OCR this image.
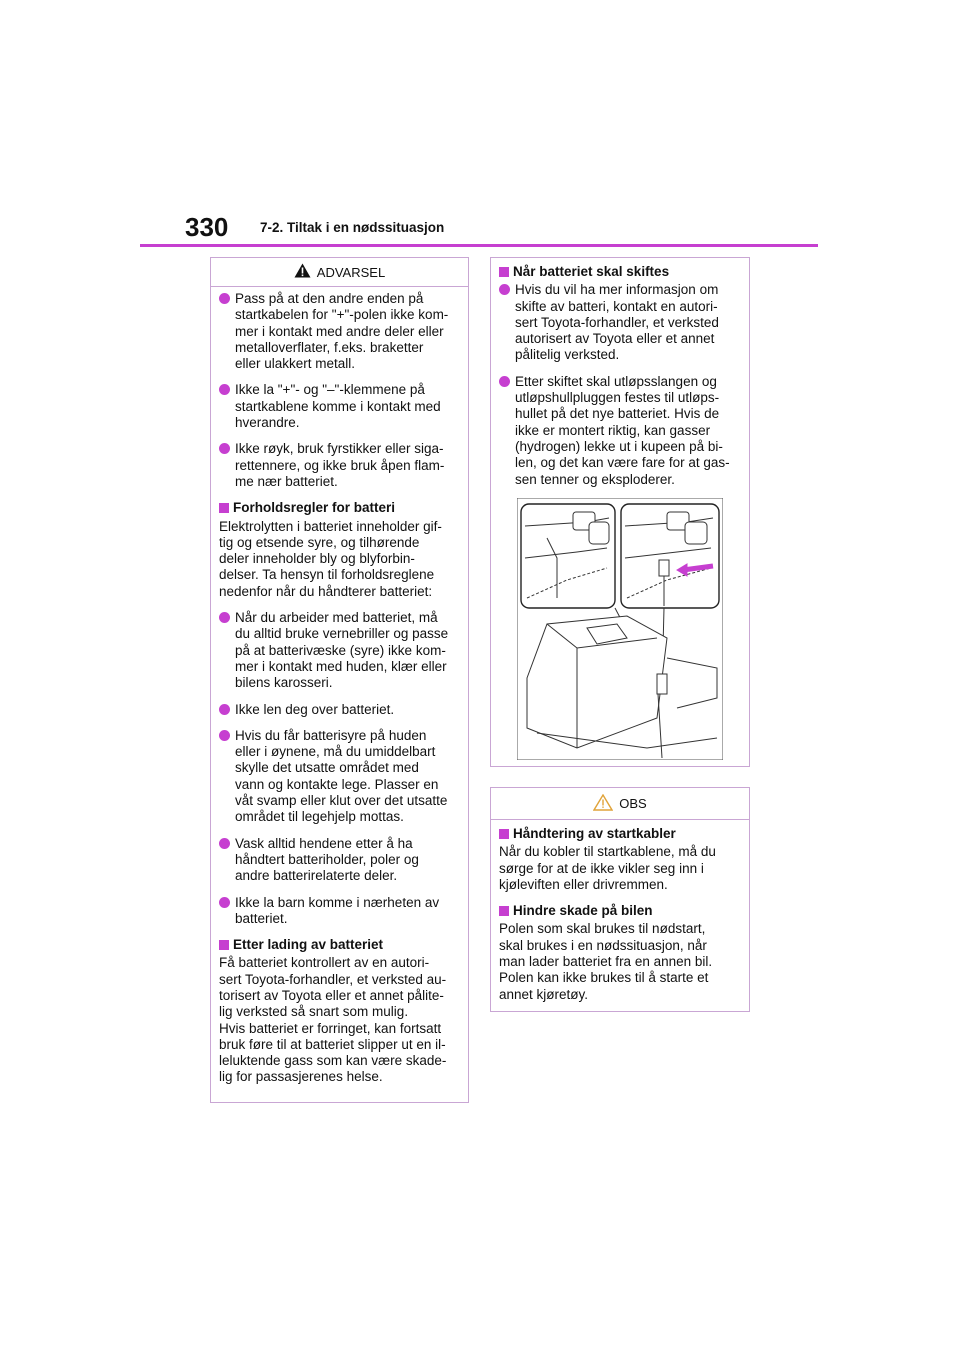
330 7-2. Tiltak i en nødssituasjon
ADVARSEL
Pass på at den andre enden på
startkabelen for "+"-polen ikke kom-
mer i kontakt med andre deler eller
metalloverflater, f.eks. braketter
eller ulakkert metall.
Ikke la "+"- og "–"-klemmene på
startkablene komme i kontakt med
hverandre.
Ikke røyk, bruk fyrstikker eller siga-
rettennere, og ikke bruk åpen flam-
me nær batteriet.
Forholdsregler for batteri
Elektrolytten i batteriet inneholder gif-
tig og etsende syre, og tilhørende
deler inneholder bly og blyforbin-
delser. Ta hensyn til forholdsreglene
nedenfor når du håndterer batteriet:
Når du arbeider med batteriet, må
du alltid bruke vernebriller og passe
på at batterivæske (syre) ikke kom-
mer i kontakt med huden, klær eller
bilens karosseri.
Ikke len deg over batteriet.
Hvis du får batterisyre på huden
eller i øynene, må du umiddelbart
skylle det utsatte området med
vann og kontakte lege. Plasser en
våt svamp eller klut over det utsatte
området til legehjelp mottas.
Vask alltid hendene etter å ha
håndtert batteriholder, poler og
andre batterirelaterte deler.
Ikke la barn komme i nærheten av
batteriet.
Etter lading av batteriet
Få batteriet kontrollert av en autori-
sert Toyota-forhandler, et verksted au-
torisert av Toyota eller et annet pålite-
lig verksted så snart som mulig.
Hvis batteriet er forringet, kan fortsatt
bruk føre til at batteriet slipper ut en il-
leluktende gass som kan være skade-
lig for passasjerenes helse.
Når batteriet skal skiftes
Hvis du vil ha mer informasjon om
skifte av batteri, kontakt en autori-
sert Toyota-forhandler, et verksted
autorisert av Toyota eller et annet
pålitelig verksted.
Etter skiftet skal utløpsslangen og
utløpshullpluggen festes til utløps-
hullet på det nye batteriet. Hvis de
ikke er montert riktig, kan gasser
(hydrogen) lekke ut i kupeen på bi-
len, og det kan være fare for at gas-
sen tenner og eksploderer.
OBS
Håndtering av startkabler
Når du kobler til startkablene, må du
sørge for at de ikke vikler seg inn i
kjøleviften eller drivremmen.
Hindre skade på bilen
Polen som skal brukes til nødstart,
skal brukes i en nødssituasjon, når
man lader batteriet fra en annen bil.
Polen kan ikke brukes til å starte et
annet kjøretøy.
